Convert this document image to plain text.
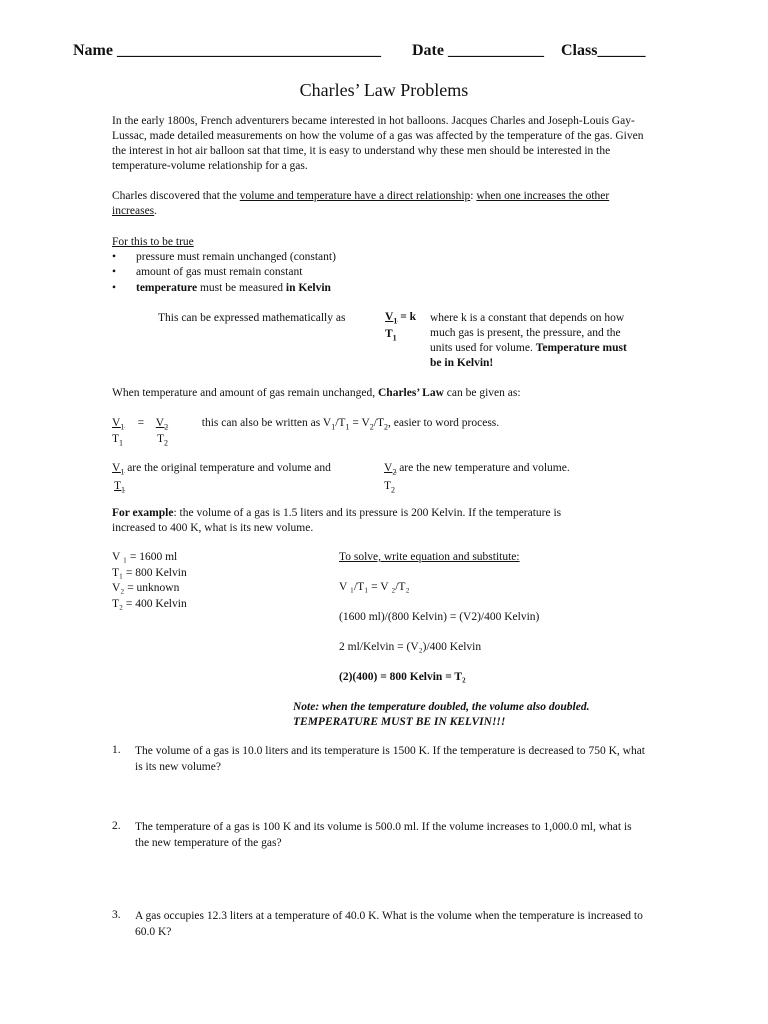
Name _________________________________ Date ____________ Class______
Charles’ Law Problems
In the early 1800s, French adventurers became interested in hot balloons. Jacques Charles and Joseph-Louis Gay-Lussac, made detailed measurements on how the volume of a gas was affected by the temperature of the gas. Given the interest in hot air balloon sat that time, it is easy to understand why these men should be interested in the temperature-volume relationship for a gas.
Charles discovered that the volume and temperature have a direct relationship: when one increases the other increases.
For this to be true
• pressure must remain unchanged (constant)
• amount of gas must remain constant
• temperature must be measured in Kelvin
This can be expressed mathematically as	$V_1 = k$
$T_1$
where k is a constant that depends on how
much gas is present, the pressure, and the
units used for volume. Temperature must
be in Kelvin!
When temperature and amount of gas remain unchanged, Charles’ Law can be given as:
$V_1 = V_2$	this can also be written as $V_1/T_1 = V_2/T_2$, easier to word process.
$T_1$	$T_2$
$V_1$ are the original temperature and volume and
$T_1$
$V_2$ are the new temperature and volume.
$T_2$
For example: the volume of a gas is 1.5 liters and its pressure is 200 Kelvin. If the temperature is
increased to 400 K, what is its new volume.
V ₁ = 1600 ml
T₁ = 800 Kelvin
V₂ = unknown
T₂ = 400 Kelvin
To solve, write equation and substitute:
V ₁/T₁ = V ₂/T₂
(1600 ml)/(800 Kelvin) = (V2)/400 Kelvin)
2 ml/Kelvin = (V₂)/400 Kelvin
(2)(400) = 800 Kelvin = T₂
Note: when the temperature doubled, the volume also doubled.
TEMPERATURE MUST BE IN KELVIN!!!
1. The volume of a gas is 10.0 liters and its temperature is 1500 K. If the temperature is decreased to 750 K, what is its new volume?
2. The temperature of a gas is 100 K and its volume is 500.0 ml. If the volume increases to 1,000.0 ml, what is the new temperature of the gas?
3. A gas occupies 12.3 liters at a temperature of 40.0 K. What is the volume when the temperature is increased to 60.0 K?
